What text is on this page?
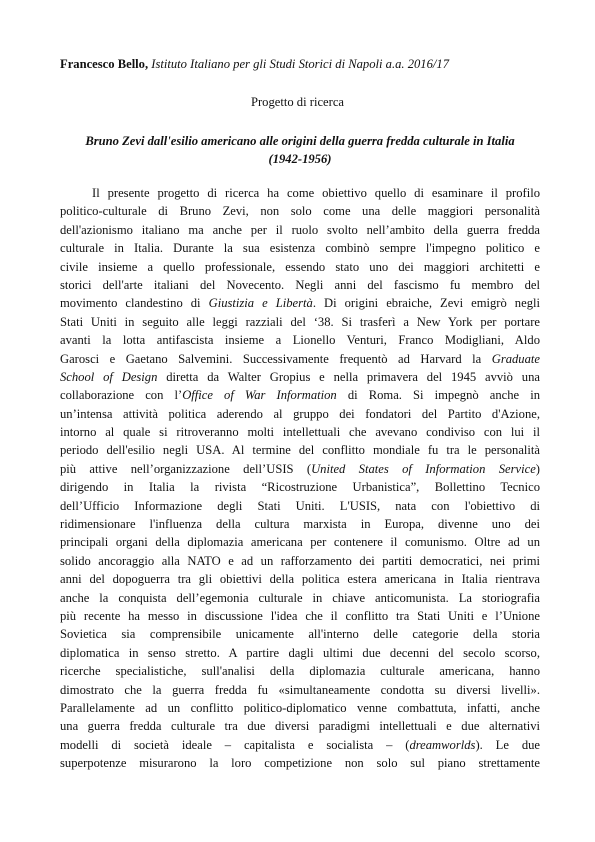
Francesco Bello, Istituto Italiano per gli Studi Storici di Napoli a.a. 2016/17
Progetto di ricerca
Bruno Zevi dall'esilio americano alle origini della guerra fredda culturale in Italia
(1942-1956)
Il presente progetto di ricerca ha come obiettivo quello di esaminare il profilo
politico-culturale di Bruno Zevi, non solo come una delle maggiori personalità
dell'azionismo italiano ma anche per il ruolo svolto nell’ambito della guerra fredda
culturale in Italia. Durante la sua esistenza combinò sempre l'impegno politico e
civile insieme a quello professionale, essendo stato uno dei maggiori architetti e
storici dell'arte italiani del Novecento. Negli anni del fascismo fu membro del
movimento clandestino di Giustizia e Libertà. Di origini ebraiche, Zevi emigrò negli
Stati Uniti in seguito alle leggi razziali del ‘38. Si trasferì a New York per portare
avanti la lotta antifascista insieme a Lionello Venturi, Franco Modigliani, Aldo
Garosci e Gaetano Salvemini. Successivamente frequentò ad Harvard la Graduate
School of Design diretta da Walter Gropius e nella primavera del 1945 avviò una
collaborazione con l’Office of War Information di Roma. Si impegnò anche in
un’intensa attività politica aderendo al gruppo dei fondatori del Partito d'Azione,
intorno al quale si ritroveranno molti intellettuali che avevano condiviso con lui il
periodo dell'esilio negli USA. Al termine del conflitto mondiale fu tra le personalità
più attive nell’organizzazione dell’USIS (United States of Information Service)
dirigendo in Italia la rivista “Ricostruzione Urbanistica”, Bollettino Tecnico
dell’Ufficio Informazione degli Stati Uniti. L'USIS, nata con l'obiettivo di
ridimensionare l'influenza della cultura marxista in Europa, divenne uno dei
principali organi della diplomazia americana per contenere il comunismo. Oltre ad un
solido ancoraggio alla NATO e ad un rafforzamento dei partiti democratici, nei primi
anni del dopoguerra tra gli obiettivi della politica estera americana in Italia rientrava
anche la conquista dell’egemonia culturale in chiave anticomunista. La storiografia
più recente ha messo in discussione l'idea che il conflitto tra Stati Uniti e l’Unione
Sovietica sia comprensibile unicamente all'interno delle categorie della storia
diplomatica in senso stretto. A partire dagli ultimi due decenni del secolo scorso,
ricerche specialistiche, sull'analisi della diplomazia culturale americana, hanno
dimostrato che la guerra fredda fu «simultaneamente condotta su diversi livelli».
Parallelamente ad un conflitto politico-diplomatico venne combattuta, infatti, anche
una guerra fredda culturale tra due diversi paradigmi intellettuali e due alternativi
modelli di società ideale – capitalista e socialista – (dreamworlds). Le due
superpotenze misurarono la loro competizione non solo sul piano strettamente
